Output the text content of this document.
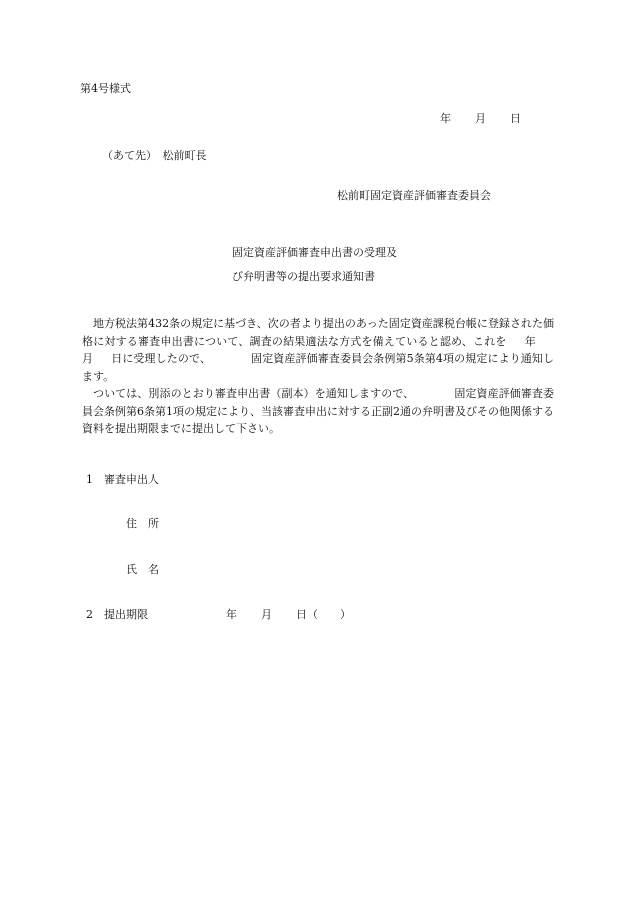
第4号様式
年 月 日
（あて先）　松前町長
松前町固定資産評価審査委員会
固定資産評価審査申出書の受理及
び弁明書等の提出要求通知書

地方税法第432条の規定に基づき、次の者より提出のあった固定資産課税台帳に登録された価格に対する審査申出書について、調査の結果適法な方式を備えていると認め、これを 年月 日に受理したので、	固定資産評価審査委員会条例第5条第4項の規定により通知します。

ついては、別添のとおり審査申出書（副本）を通知しますので、	固定資産評価審査委員会条例第6条第1項の規定により、当該審査申出に対する正副2通の弁明書及びその他関係する資料を提出期限までに提出して下さい。

1　審査申出人
住　所
氏　名
2　提出期限	年 月 日（　　）
